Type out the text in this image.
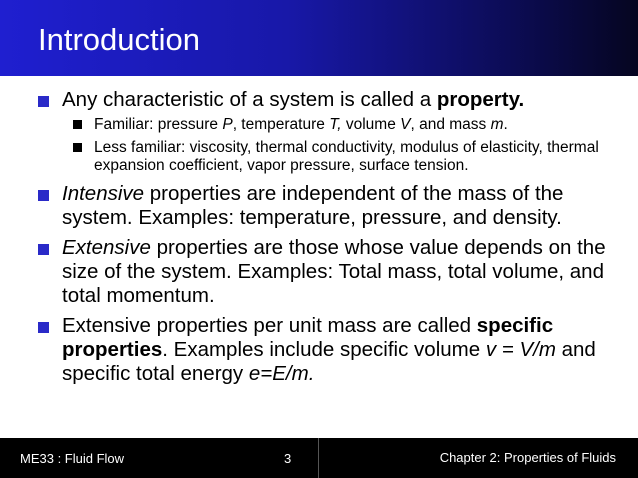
Introduction
Any characteristic of a system is called a property.
Familiar: pressure P, temperature T, volume V, and mass m.
Less familiar: viscosity, thermal conductivity, modulus of elasticity, thermal expansion coefficient, vapor pressure, surface tension.
Intensive properties are independent of the mass of the system. Examples: temperature, pressure, and density.
Extensive properties are those whose value depends on the size of the system. Examples: Total mass, total volume, and total momentum.
Extensive properties per unit mass are called specific properties. Examples include specific volume v = V/m and specific total energy e=E/m.
ME33 : Fluid Flow	3	Chapter 2: Properties of Fluids
